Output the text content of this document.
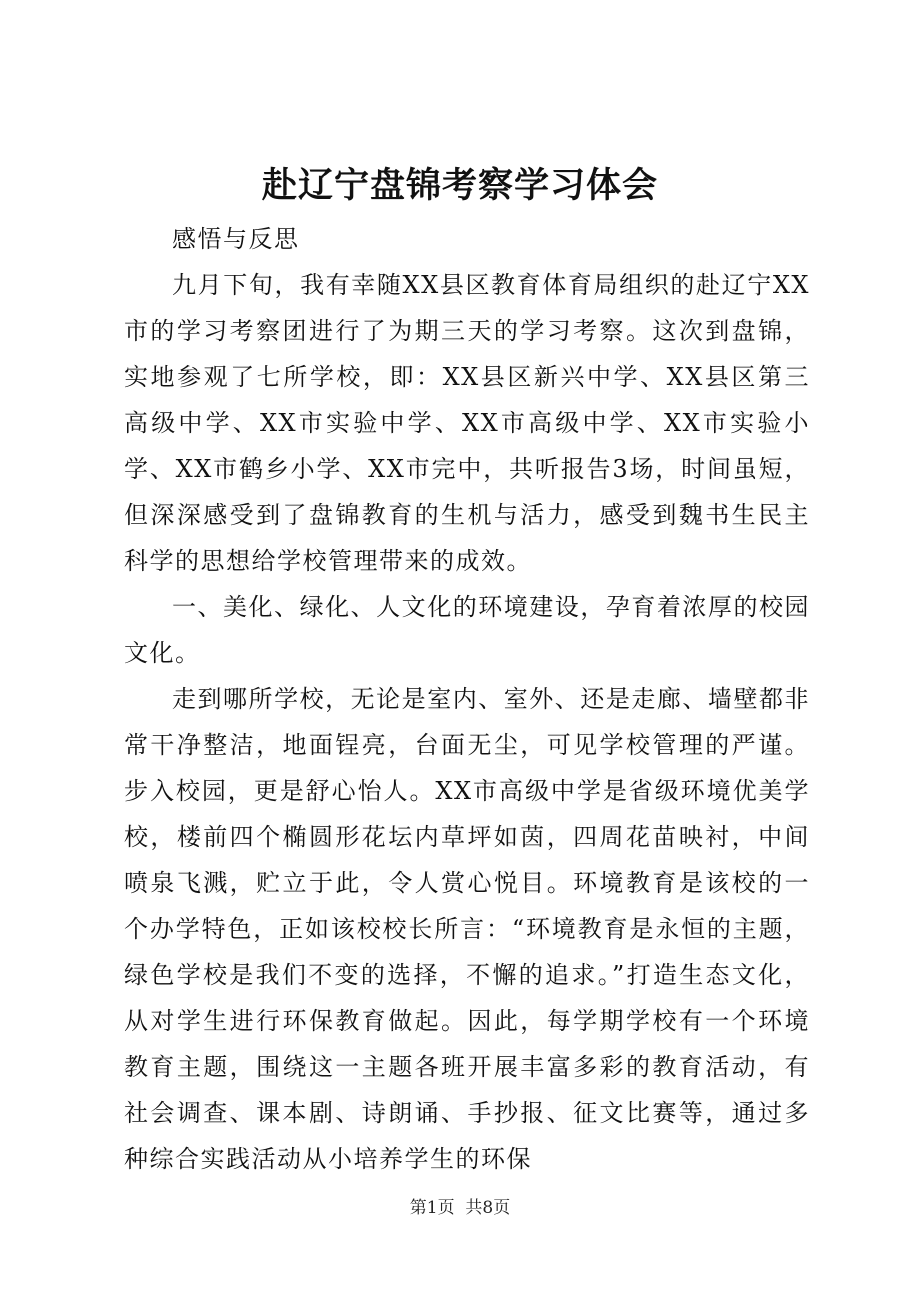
赴辽宁盘锦考察学习体会

感悟与反思

九月下旬，我有幸随XX县区教育体育局组织的赴辽宁XX市的学习考察团进行了为期三天的学习考察。这次到盘锦，实地参观了七所学校，即：XX县区新兴中学、XX县区第三高级中学、XX市实验中学、XX市高级中学、XX市实验小学、XX市鹤乡小学、XX市完中，共听报告3场，时间虽短，但深深感受到了盘锦教育的生机与活力，感受到魏书生民主科学的思想给学校管理带来的成效。

一、美化、绿化、人文化的环境建设，孕育着浓厚的校园文化。

走到哪所学校，无论是室内、室外、还是走廊、墙壁都非常干净整洁，地面锃亮，台面无尘，可见学校管理的严谨。步入校园，更是舒心怡人。XX市高级中学是省级环境优美学校，楼前四个椭圆形花坛内草坪如茵，四周花苗映衬，中间喷泉飞溅，贮立于此，令人赏心悦目。环境教育是该校的一个办学特色，正如该校校长所言：“环境教育是永恒的主题，绿色学校是我们不变的选择，不懈的追求。”打造生态文化，从对学生进行环保教育做起。因此，每学期学校有一个环境教育主题，围绕这一主题各班开展丰富多彩的教育活动，有社会调查、课本剧、诗朗诵、手抄报、征文比赛等，通过多种综合实践活动从小培养学生的环保

第1页 共8页
